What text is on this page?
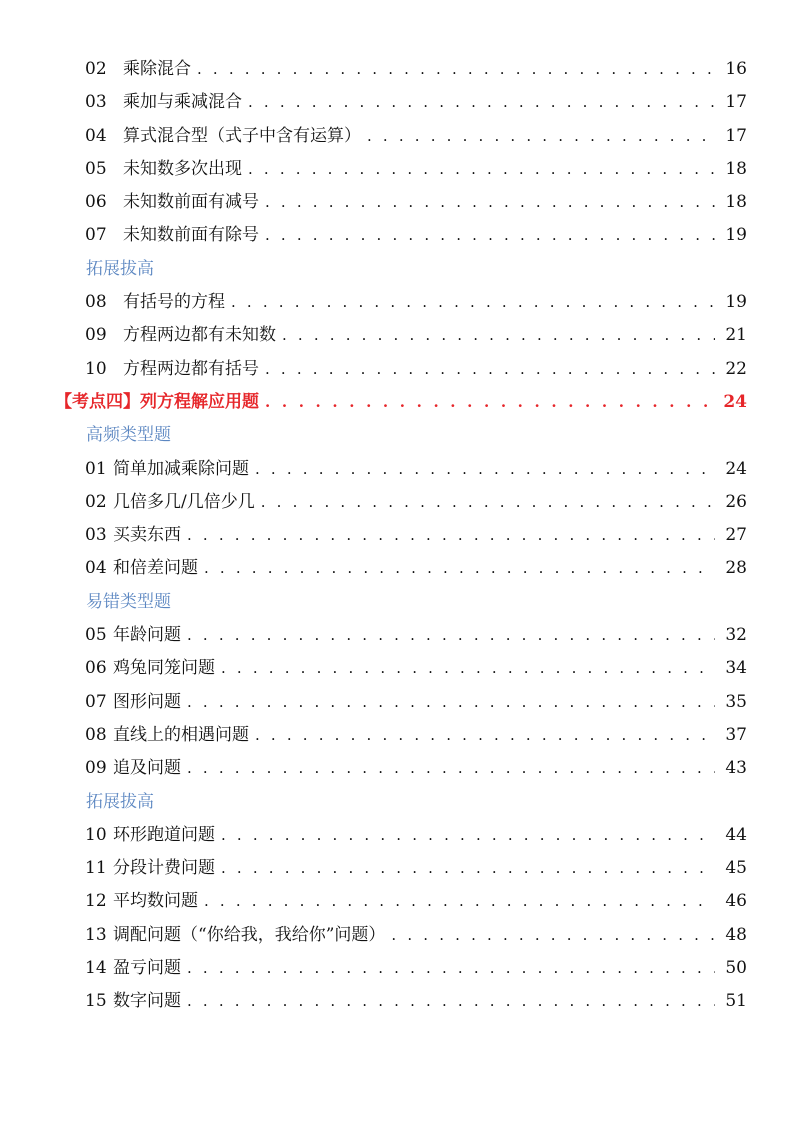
02 乘除混合 . . .	16
03 乘加与乘减混合 . . .	17
04 算式混合型（式子中含有运算） . . .	17
05 未知数多次出现 . . .	18
06 未知数前面有减号 . . .	18
07 未知数前面有除号 . . .	19
拓展拔高
08 有括号的方程 . . .	19
09 方程两边都有未知数 . . .	21
10 方程两边都有括号 . . .	22
【考点四】列方程解应用题 . . .	24
高频类型题
01 简单加减乘除问题 . . .	24
02 几倍多几/几倍少几 . . .	26
03 买卖东西 . . .	27
04 和倍差问题 . . .	28
易错类型题
05 年龄问题 . . .	32
06 鸡兔同笼问题 . . .	34
07 图形问题 . . .	35
08 直线上的相遇问题 . . .	37
09 追及问题 . . .	43
拓展拔高
10 环形跑道问题 . . .	44
11 分段计费问题 . . .	45
12 平均数问题 . . .	46
13 调配问题（“你给我，我给你”问题） . . .	48
14 盈亏问题 . . .	50
15 数字问题 . . .	51
